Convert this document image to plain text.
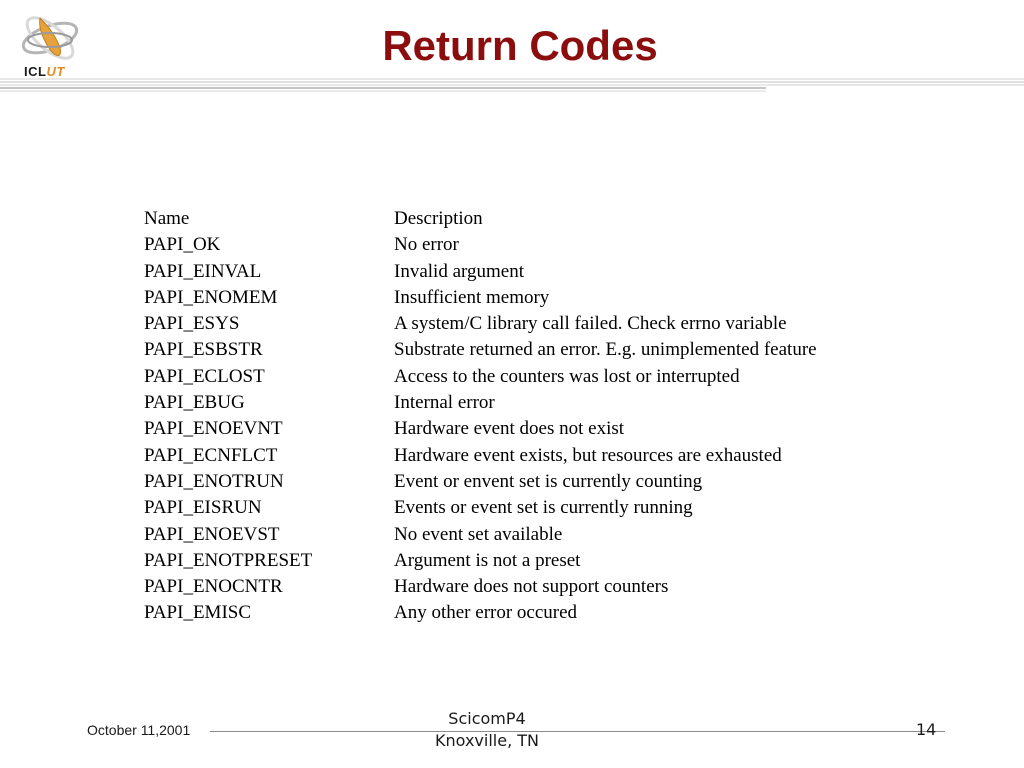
ICLUT
Return Codes
Name	Description
PAPI_OK	No error
PAPI_EINVAL	Invalid argument
PAPI_ENOMEM	Insufficient memory
PAPI_ESYS	A system/C library call failed. Check errno variable
PAPI_ESBSTR	Substrate returned an error. E.g. unimplemented feature
PAPI_ECLOST	Access to the counters was lost or interrupted
PAPI_EBUG	Internal error
PAPI_ENOEVNT	Hardware event does not exist
PAPI_ECNFLCT	Hardware event exists, but resources are exhausted
PAPI_ENOTRUN	Event or envent set is currently counting
PAPI_EISRUN	Events or event set is currently running
PAPI_ENOEVST	No event set available
PAPI_ENOTPRESET	Argument is not a preset
PAPI_ENOCNTR	Hardware does not support counters
PAPI_EMISC	Any other error occured
October 11,2001
ScicomP4
Knoxville, TN
14
